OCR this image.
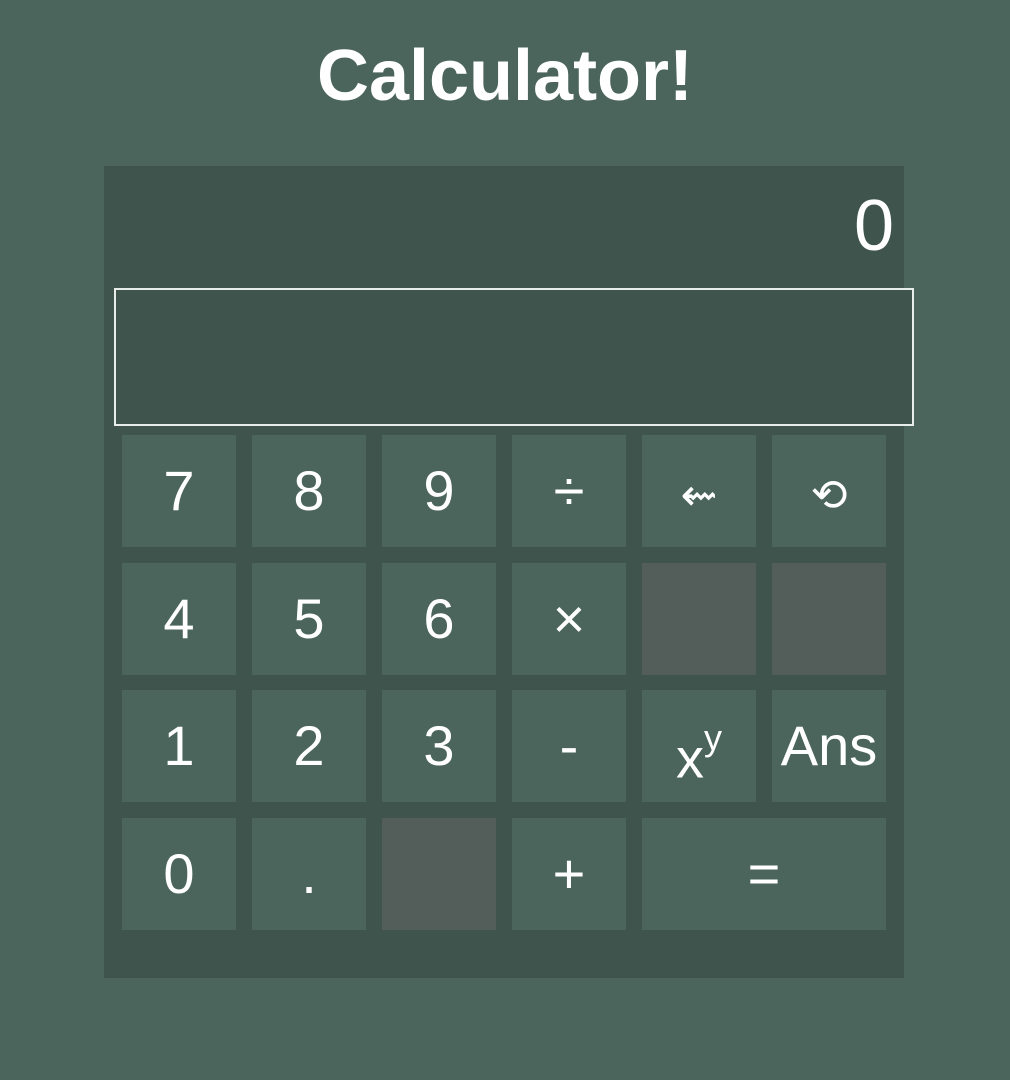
Calculator!
0
7	8	9	÷	⇜	⟲
4	5	6	×
1	2	3	-	$x^y$	Ans
0	.	+	=
